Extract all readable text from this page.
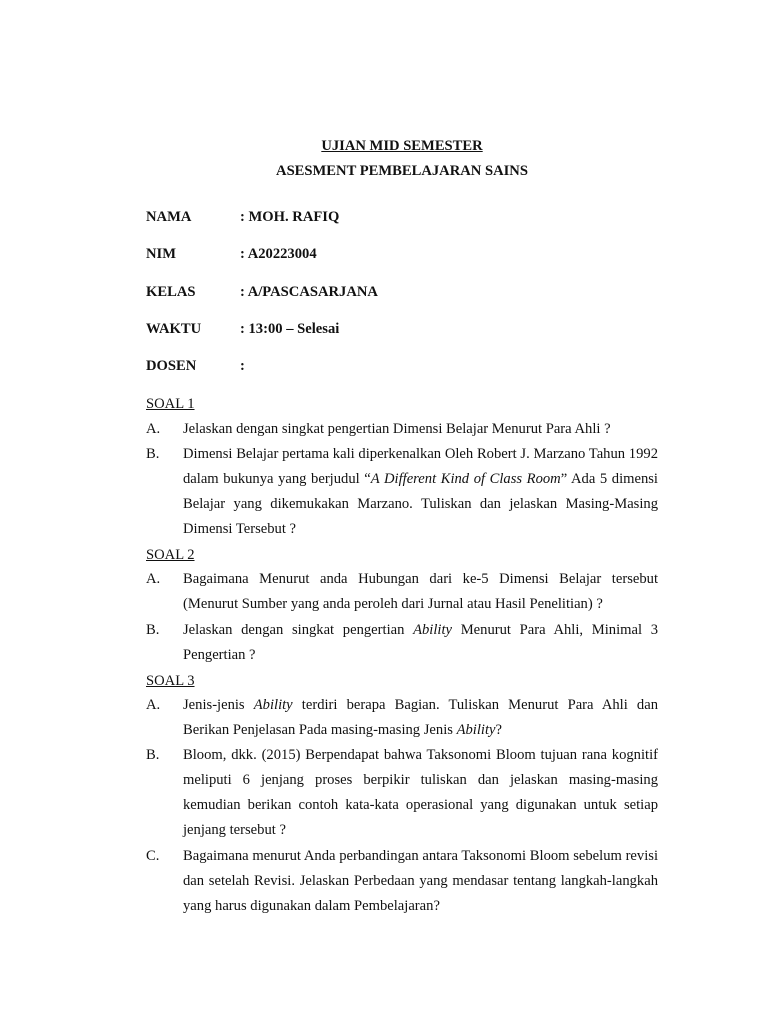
UJIAN MID SEMESTER
ASESMENT PEMBELAJARAN SAINS
NAMA	: MOH. RAFIQ
NIM	: A20223004
KELAS	: A/PASCASARJANA
WAKTU	: 13:00 – Selesai
DOSEN	:
SOAL 1
A. Jelaskan dengan singkat pengertian Dimensi Belajar Menurut Para Ahli ?
B. Dimensi Belajar pertama kali diperkenalkan Oleh Robert J. Marzano Tahun 1992 dalam bukunya yang berjudul “A Different Kind of Class Room” Ada 5 dimensi Belajar yang dikemukakan Marzano. Tuliskan dan jelaskan Masing-Masing Dimensi Tersebut ?
SOAL 2
A. Bagaimana Menurut anda Hubungan dari ke-5 Dimensi Belajar tersebut (Menurut Sumber yang anda peroleh dari Jurnal atau Hasil Penelitian) ?
B. Jelaskan dengan singkat pengertian Ability Menurut Para Ahli, Minimal 3 Pengertian ?
SOAL 3
A. Jenis-jenis Ability terdiri berapa Bagian. Tuliskan Menurut Para Ahli dan Berikan Penjelasan Pada masing-masing Jenis Ability?
B. Bloom, dkk. (2015) Berpendapat bahwa Taksonomi Bloom tujuan rana kognitif meliputi 6 jenjang proses berpikir tuliskan dan jelaskan masing-masing kemudian berikan contoh kata-kata operasional yang digunakan untuk setiap jenjang tersebut ?
C. Bagaimana menurut Anda perbandingan antara Taksonomi Bloom sebelum revisi dan setelah Revisi. Jelaskan Perbedaan yang mendasar tentang langkah-langkah yang harus digunakan dalam Pembelajaran?
